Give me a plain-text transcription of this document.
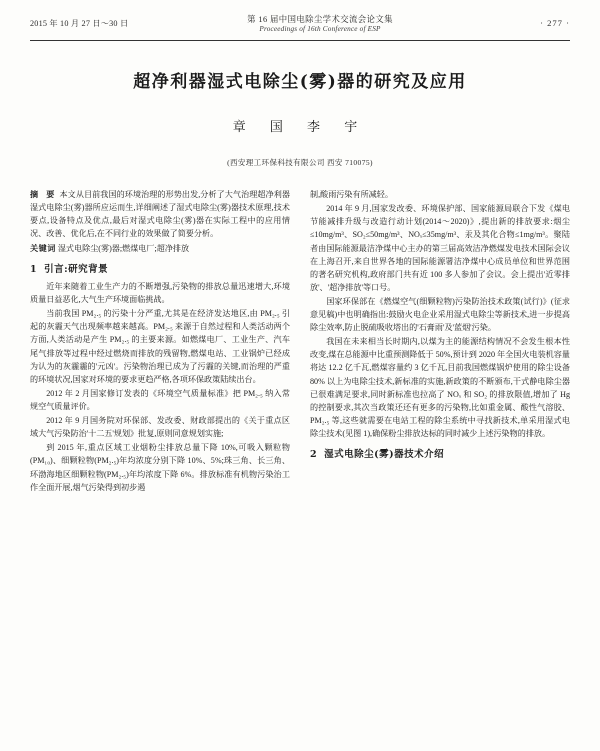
2015 年 10 月 27 日～30 日	第 16 届中国电除尘学术交流会论文集
Proceedings of 16th Conference of ESP
· 277 ·
超净利器湿式电除尘(雾)器的研究及应用
章 国 李 宇
(西安理工环保科技有限公司 西安 710075)

摘 要 本文从目前我国的环境治理的形势出发,分析了大气治理超净利器湿式电除尘(雾)器所应运而生,详细阐述了湿式电除尘(雾)器技术原理,技术要点,设备特点及优点,最后对湿式电除尘(雾)器在实际工程中的应用情况、改善、优化后,在不同行业的效果做了简要分析。

关键词 湿式电除尘(雾)器;燃煤电厂;超净排放

1 引言:研究背景

近年来随着工业生产力的不断增强,污染物的排放总量迅速增大,环境质量日益恶化,大气生产环境面临挑战。

当前我国 PM₂.₅ 的污染十分严重,尤其是在经济发达地区,由 PM₂.₅ 引起的灰霾天气出现频率越来越高。PM₂.₅ 来源于自然过程和人类活动两个方面,人类活动是产生 PM₂.₅ 的主要来源。如燃煤电厂、工业生产、汽车尾气排放等过程中经过燃烧而排放的残留物,燃煤电站、工业锅炉已经成为认为的灰霾霾的'元凶'。污染物治理已成为了污霾的关键,而治理的严重的环境状况,国家对环境的要求更趋严格,各项环保政策陆续出台。

2012 年 2 月国家修订发表的《环境空气质量标准》把 PM₂.₅ 纳入常规空气质量评价。

2012 年 9 月国务院对环保部、发改委、财政部提出的《关于重点区域大气污染防治'十二五'规划》批复,原则同意规划实施;

到 2015 年,重点区域工业烟粉尘排放总量下降 10%,可吸入颗粒物(PM₁₀)、细颗粒物(PM₂.₅)年均浓度分别下降 10%、5%;珠三角、长三角、环渤海地区细颗粒物(PM₂.₅)年均浓度下降 6%。排放标准有机物污染治工作全面开展,烟气污染得到初步遏

制,酸雨污染有所减轻。

2014 年 9 月,国家发改委、环境保护部、国家能源局联合下发《煤电节能减排升级与改造行动计划(2014～2020)》,提出新的排放要求:烟尘≤10mg/m³、SO₂≤50mg/m³、NOₓ≤35mg/m³、汞及其化合物≤1mg/m³。聚陆者由国际能源最洁净煤中心主办的第三届高效洁净燃煤发电技术国际会议在上海召开,来自世界各地的国际能源署洁净煤中心成员单位和世界范围的著名研究机构,政府部门共有近 100 多人参加了会议。会上提出'近零排放'、'超净排放'等口号。

国家环保部在《燃煤空气(细颗粒物)污染防治技术政策(试行)》(征求意见稿)中也明确指出:鼓励火电企业采用湿式电除尘等新技术,进一步提高除尘效率,防止脱硫吸收塔出的'石膏雨'及'蓝烟'污染。

我国在未来相当长时期内,以煤为主的能源结构情况不会发生根本性改变,煤在总能源中比重预测降低于 50%,预计到 2020 年全国火电装机容量将达 12.2 亿千瓦,燃煤容量约 3 亿千瓦,目前我国燃煤锅炉使用的除尘设备 80% 以上为电除尘技术,新标准的实施,新政策的不断颁布,干式静电除尘器已很难满足要求,同时新标准也拉高了 NOₓ 和 SO₂ 的排放限值,增加了 Hg 的控制要求,其次当政策还还有更多的污染物,比如重金属、酸性气溶胶、PM₂.₅ 等,这些就需要在电站工程的除尘系统中寻找新技术,单采用湿式电除尘技术(见图 1),确保粉尘排放达标的同时减少上述污染物的排放。

2 湿式电除尘(雾)器技术介绍
